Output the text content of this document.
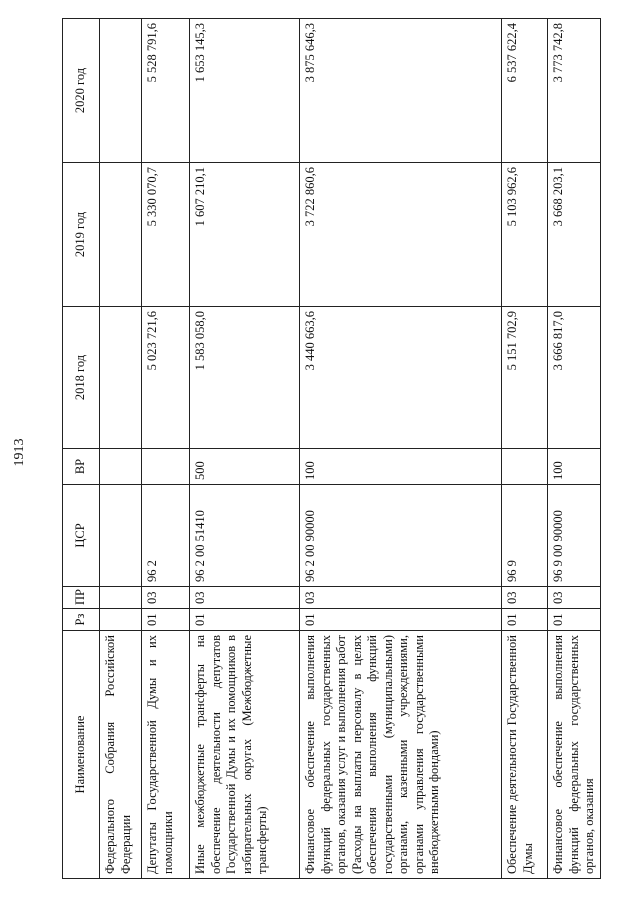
1913
Наименование	Рз	ПР	ЦСР	ВР	2018 год	2019 год	2020 год
Федерального Собрания Российской Федерации							
Депутаты Государственной Думы и их помощники	01	03	96 2		5 023 721,6	5 330 070,7	5 528 791,6
Иные межбюджетные трансферты на обеспечение деятельности депутатов Государственной Думы и их помощников в избирательных округах (Межбюджетные трансферты)	01	03	96 2 00 51410	500	1 583 058,0	1 607 210,1	1 653 145,3
Финансовое обеспечение выполнения функций федеральных государственных органов, оказания услуг и выполнения работ (Расходы на выплаты персоналу в целях обеспечения выполнения функций государственными (муниципальными) органами, казенными учреждениями, органами управления государственными внебюджетными фондами)	01	03	96 2 00 90000	100	3 440 663,6	3 722 860,6	3 875 646,3
Обеспечение деятельности Государственной Думы	01	03	96 9		5 151 702,9	5 103 962,6	6 537 622,4
Финансовое обеспечение выполнения функций федеральных государственных органов, оказания	01	03	96 9 00 90000	100	3 666 817,0	3 668 203,1	3 773 742,8
